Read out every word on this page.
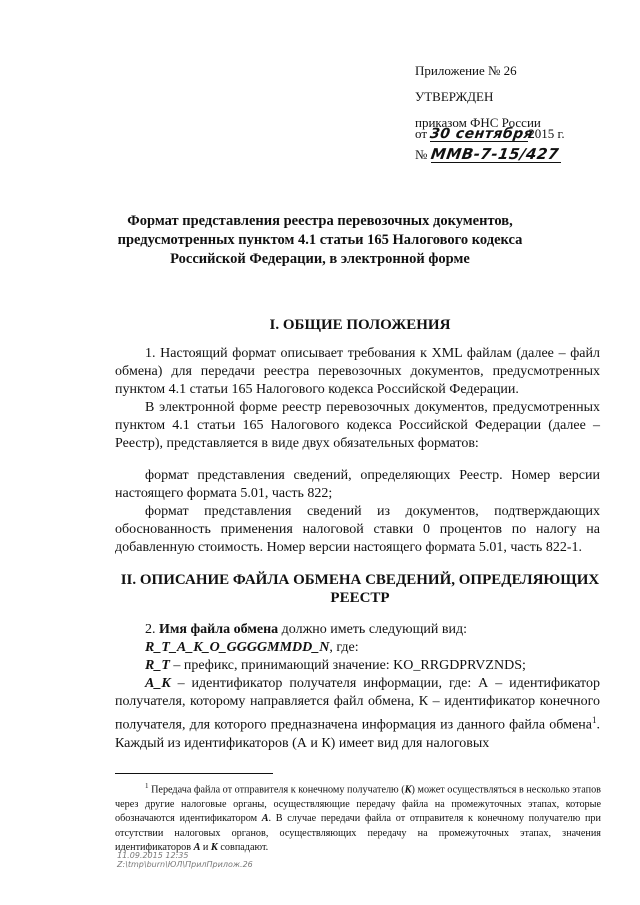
Приложение № 26
УТВЕРЖДЕН
приказом ФНС России
от 30 сентября2015 г.
№ ММВ-7-15/427
Формат представления реестра перевозочных документов,
предусмотренных пунктом 4.1 статьи 165 Налогового кодекса
Российской Федерации, в электронной форме
I. ОБЩИЕ ПОЛОЖЕНИЯ
1. Настоящий формат описывает требования к XML файлам (далее – файл обмена) для передачи реестра перевозочных документов, предусмотренных пунктом 4.1 статьи 165 Налогового кодекса Российской Федерации.
В электронной форме реестр перевозочных документов, предусмотренных пунктом 4.1 статьи 165 Налогового кодекса Российской Федерации (далее – Реестр), представляется в виде двух обязательных форматов:
формат представления сведений, определяющих Реестр. Номер версии настоящего формата 5.01, часть 822;
формат представления сведений из документов, подтверждающих обоснованность применения налоговой ставки 0 процентов по налогу на добавленную стоимость. Номер версии настоящего формата 5.01, часть 822-1.
II. ОПИСАНИЕ ФАЙЛА ОБМЕНА СВЕДЕНИЙ, ОПРЕДЕЛЯЮЩИХ
РЕЕСТР
2. Имя файла обмена должно иметь следующий вид:
R_T_A_K_O_GGGGMMDD_N, где:
R_T – префикс, принимающий значение: KO_RRGDPRVZNDS;
A_K – идентификатор получателя информации, где: А – идентификатор получателя, которому направляется файл обмена, К – идентификатор конечного получателя, для которого предназначена информация из данного файла обмена$^1$. Каждый из идентификаторов (А и К) имеет вид для налоговых
$^1$ Передача файла от отправителя к конечному получателю (К) может осуществляться в несколько этапов через другие налоговые органы, осуществляющие передачу файла на промежуточных этапах, которые обозначаются идентификатором А. В случае передачи файла от отправителя к конечному получателю при отсутствии налоговых органов, осуществляющих передачу на промежуточных этапах, значения идентификаторов А и К совпадают.
11.09.2015 12:35
Z:\tmp\burn\ЮЛ\ПрилПрилож.26
